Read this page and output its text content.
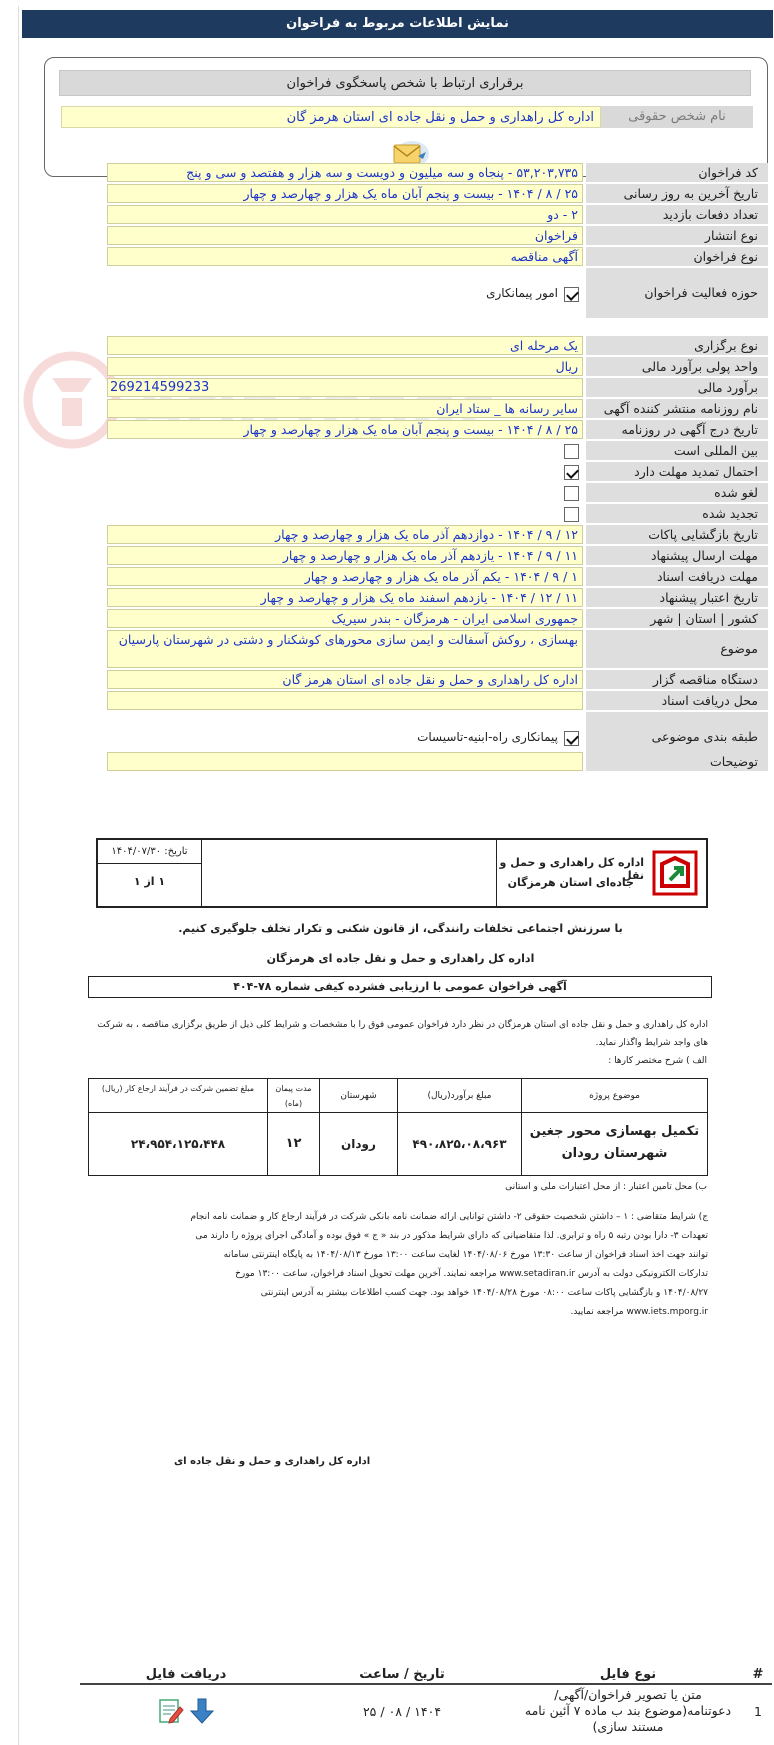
نمایش اطلاعات مربوط به فراخوان
برقراری ارتباط با شخص پاسخگوی فراخوان
نام شخص حقوقی
اداره کل راهداری و حمل و نقل جاده ای استان هرمز گان
کد فراخوان
۵۳,۲۰۳,۷۳۵ - پنجاه و سه میلیون و دویست و سه هزار و هفتصد و سی و پنج
تاریخ آخرین به روز رسانی
۲۵ / ۸ / ۱۴۰۴ - بیست و پنجم آبان ماه یک هزار و چهارصد و چهار
تعداد دفعات بازدید
۲ - دو
نوع انتشار
فراخوان
نوع فراخوان
آگهی مناقصه
حوزه فعالیت فراخوان
امور پیمانکاری
نوع برگزاری
یک مرحله ای
واحد پولی برآورد مالی
ریال
برآورد مالی
269214599233
نام روزنامه منتشر کننده آگهی
سایر رسانه ها _ ستاد ایران
تاریخ درج آگهی در روزنامه
۲۵ / ۸ / ۱۴۰۴ - بیست و پنجم آبان ماه یک هزار و چهارصد و چهار
بین المللی است
احتمال تمدید مهلت دارد
لغو شده
تجدید شده
تاریخ بازگشایی پاکات
۱۲ / ۹ / ۱۴۰۴ - دوازدهم آذر ماه یک هزار و چهارصد و چهار
مهلت ارسال پیشنهاد
۱۱ / ۹ / ۱۴۰۴ - یازدهم آذر ماه یک هزار و چهارصد و چهار
مهلت دریافت اسناد
۱ / ۹ / ۱۴۰۴ - یکم آذر ماه یک هزار و چهارصد و چهار
تاریخ اعتبار پیشنهاد
۱۱ / ۱۲ / ۱۴۰۴ - یازدهم اسفند ماه یک هزار و چهارصد و چهار
کشور | استان | شهر
جمهوری اسلامی ایران - هرمزگان - بندر سیریک
موضوع
بهسازی ، روکش آسفالت و ایمن سازی محورهای کوشکنار و دشتی در شهرستان پارسیان
دستگاه مناقصه گزار
اداره کل راهداری و حمل و نقل جاده ای استان هرمز گان
محل دریافت اسناد
طبقه بندی موضوعی
پیمانکاری راه-ابنیه-تاسیسات
توضیحات
اداره کل راهداری و حمل و نقل
جاده‌ای استان هرمزگان
تاریخ: ۱۴۰۴/۰۷/۳۰
۱ از ۱
با سرزنش اجتماعی تخلفات رانندگی، از قانون شکنی و تکرار تخلف جلوگیری کنیم.
اداره کل راهداری و حمل و نقل جاده ای هرمزگان
آگهی فراخوان عمومی با ارزیابی فشرده کیفی شماره ۷۸-۴۰۴
اداره کل راهداری و حمل و نقل جاده ای استان هرمزگان در نظر دارد فراخوان عمومی فوق را با مشخصات و شرایط کلی ذیل از طریق برگزاری مناقصه ، به شرکت های واجد شرایط واگذار نماید.
الف ) شرح مختصر کارها :
موضوع پروژه
تکمیل بهسازی محور جغین شهرستان رودان
مبلغ برآورد(ریال)
۴۹۰،۸۲۵،۰۸،۹۶۳
شهرستان
رودان
مدت پیمان (ماه)
۱۲
مبلغ تضمین شرکت در فرآیند ارجاع کار (ریال)
۲۴،۹۵۴،۱۲۵،۴۴۸
ب) محل تامین اعتبار : از محل اعتبارات ملی و استانی
ج) شرایط متقاضی : ۱ – داشتن شخصیت حقوقی ۲- داشتن توانایی ارائه ضمانت نامه بانکی شرکت در فرآیند ارجاع کار و ضمانت نامه انجام
تعهدات ۳- دارا بودن رتبه ۵ راه و ترابری. لذا متقاضیانی که دارای شرایط مذکور در بند « ج » فوق بوده و آمادگی اجرای پروژه را دارند می
توانند جهت اخذ اسناد فراخوان از ساعت ۱۳:۳۰ مورخ ۱۴۰۴/۰۸/۰۶ لغایت ساعت ۱۳:۰۰ مورخ ۱۴۰۴/۰۸/۱۳ به پایگاه اینترنتی سامانه
تدارکات الکترونیکی دولت به آدرس www.setadiran.ir مراجعه نمایند. آخرین مهلت تحویل اسناد فراخوان، ساعت ۱۳:۰۰ مورخ
۱۴۰۴/۰۸/۲۷ و بازگشایی پاکات ساعت ۰۸:۰۰ مورخ ۱۴۰۴/۰۸/۲۸ خواهد بود. جهت کسب اطلاعات بیشتر به آدرس اینترنتی
www.iets.mporg.ir مراجعه نمایید.
اداره کل راهداری و حمل و نقل جاده ای
#
نوع فایل
تاریخ / ساعت
دریافت فایل
1
متن یا تصویر فراخوان/آگهی/دعوتنامه(موضوع بند ب ماده ۷ آئین نامه مستند سازی)
۱۴۰۴ / ۰۸ / ۲۵
